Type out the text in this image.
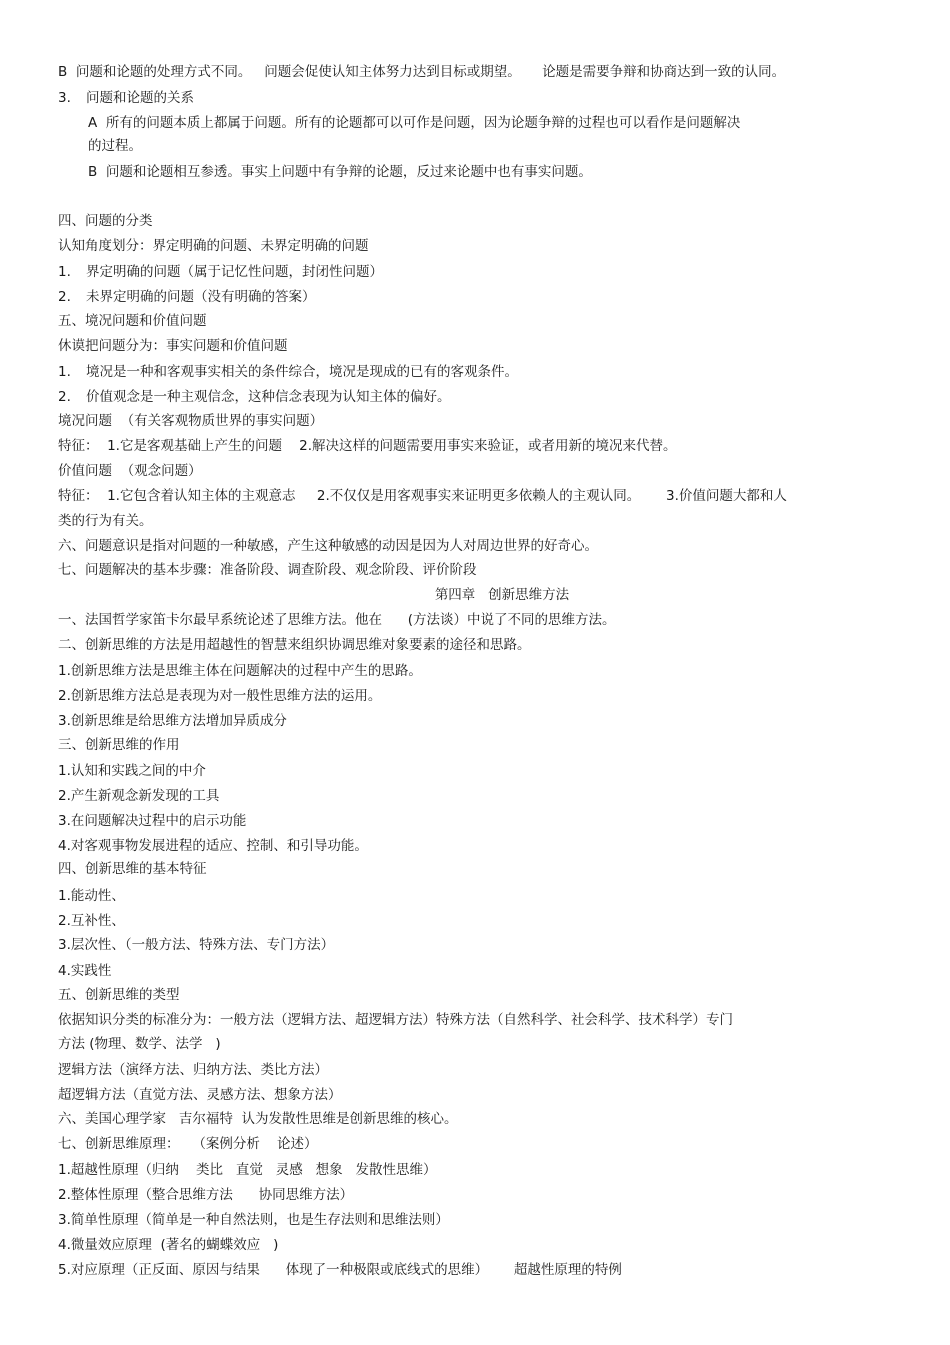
B  问题和论题的处理方式不同。   问题会促使认知主体努力达到目标或期望。     论题是需要争辩和协商达到一致的认同。
3. 问题和论题的关系
A  所有的问题本质上都属于问题。所有的论题都可以可作是问题，因为论题争辩的过程也可以看作是问题解决
的过程。
B  问题和论题相互参透。事实上问题中有争辩的论题，反过来论题中也有事实问题。
四、问题的分类
认知角度划分：界定明确的问题、未界定明确的问题
1. 界定明确的问题（属于记忆性问题，封闭性问题）
2. 未界定明确的问题（没有明确的答案）
五、境况问题和价值问题
休谟把问题分为：事实问题和价值问题
1. 境况是一种和客观事实相关的条件综合，境况是现成的已有的客观条件。
2. 价值观念是一种主观信念，这种信念表现为认知主体的偏好。
境况问题  （有关客观物质世界的事实问题）
特征：  1.它是客观基础上产生的问题    2.解决这样的问题需要用事实来验证，或者用新的境况来代替。
价值问题  （观念问题）
特征：  1.它包含着认知主体的主观意志     2.不仅仅是用客观事实来证明更多依赖人的主观认同。      3.价值问题大都和人
类的行为有关。
六、问题意识是指对问题的一种敏感，产生这种敏感的动因是因为人对周边世界的好奇心。
七、问题解决的基本步骤：准备阶段、调查阶段、观念阶段、评价阶段
第四章   创新思维方法
一、法国哲学家笛卡尔最早系统论述了思维方法。他在      (方法谈）中说了不同的思维方法。
二、创新思维的方法是用超越性的智慧来组织协调思维对象要素的途径和思路。
1.创新思维方法是思维主体在问题解决的过程中产生的思路。
2.创新思维方法总是表现为对一般性思维方法的运用。
3.创新思维是给思维方法增加异质成分
三、创新思维的作用
1.认知和实践之间的中介
2.产生新观念新发现的工具
3.在问题解决过程中的启示功能
4.对客观事物发展进程的适应、控制、和引导功能。
四、创新思维的基本特征
1.能动性、
2.互补性、
3.层次性、（一般方法、特殊方法、专门方法）
4.实践性
五、创新思维的类型
依据知识分类的标准分为：一般方法（逻辑方法、超逻辑方法）特殊方法（自然科学、社会科学、技术科学）专门
方法 (物理、数学、法学   )
逻辑方法（演绎方法、归纳方法、类比方法）
超逻辑方法（直觉方法、灵感方法、想象方法）
六、美国心理学家   吉尔福特  认为发散性思维是创新思维的核心。
七、创新思维原理：   （案例分析    论述）
1.超越性原理（归纳    类比   直觉   灵感   想象   发散性思维）
2.整体性原理（整合思维方法      协同思维方法）
3.简单性原理（简单是一种自然法则，也是生存法则和思维法则）
4.微量效应原理  (著名的蝴蝶效应   )
5.对应原理（正反面、原因与结果      体现了一种极限或底线式的思维）      超越性原理的特例
